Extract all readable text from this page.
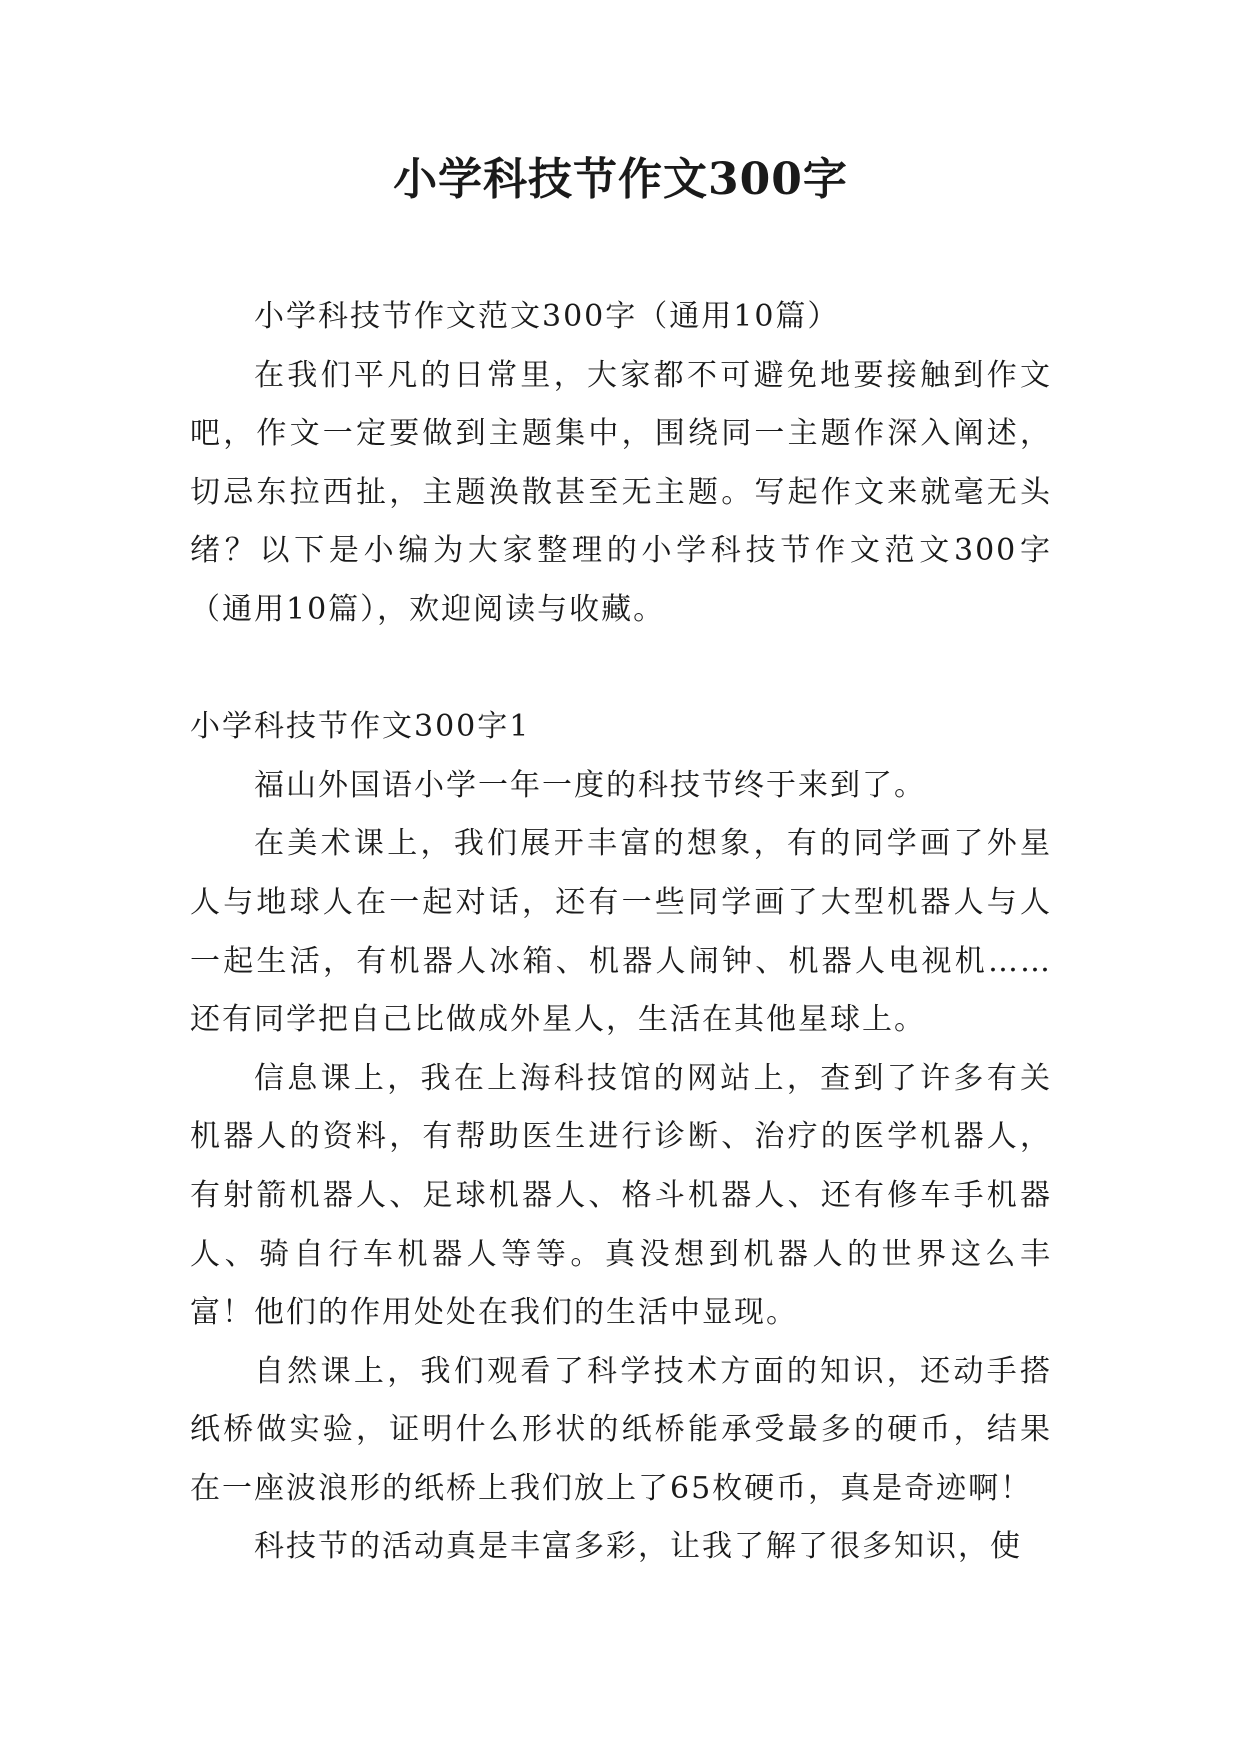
小学科技节作文300字

小学科技节作文范文300字（通用10篇）

在我们平凡的日常里，大家都不可避免地要接触到作文吧，作文一定要做到主题集中，围绕同一主题作深入阐述，切忌东拉西扯，主题涣散甚至无主题。写起作文来就毫无头绪？以下是小编为大家整理的小学科技节作文范文300字（通用10篇），欢迎阅读与收藏。

小学科技节作文300字1

福山外国语小学一年一度的科技节终于来到了。

在美术课上，我们展开丰富的想象，有的同学画了外星人与地球人在一起对话，还有一些同学画了大型机器人与人一起生活，有机器人冰箱、机器人闹钟、机器人电视机……还有同学把自己比做成外星人，生活在其他星球上。

信息课上，我在上海科技馆的网站上，查到了许多有关机器人的资料，有帮助医生进行诊断、治疗的医学机器人，有射箭机器人、足球机器人、格斗机器人、还有修车手机器人、骑自行车机器人等等。真没想到机器人的世界这么丰富！他们的作用处处在我们的生活中显现。

自然课上，我们观看了科学技术方面的知识，还动手搭纸桥做实验，证明什么形状的纸桥能承受最多的硬币，结果在一座波浪形的纸桥上我们放上了65枚硬币，真是奇迹啊！

科技节的活动真是丰富多彩，让我了解了很多知识，使
